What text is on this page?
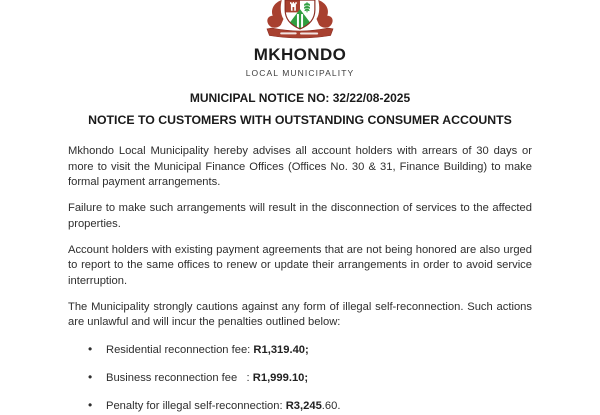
MKHONDO
LOCAL MUNICIPALITY
MUNICIPAL NOTICE NO: 32/22/08-2025
NOTICE TO CUSTOMERS WITH OUTSTANDING CONSUMER ACCOUNTS

Mkhondo Local Municipality hereby advises all account holders with arrears of 30 days or more to visit the Municipal Finance Offices (Offices No. 30 & 31, Finance Building) to make formal payment arrangements.

Failure to make such arrangements will result in the disconnection of services to the affected properties.

Account holders with existing payment agreements that are not being honored are also urged to report to the same offices to renew or update their arrangements in order to avoid service interruption.

The Municipality strongly cautions against any form of illegal self-reconnection. Such actions are unlawful and will incur the penalties outlined below:

•	Residential reconnection fee: R1,319.40;
•	Business reconnection fee   : R1,999.10;
•	Penalty for illegal self-reconnection: R3,245.60.
